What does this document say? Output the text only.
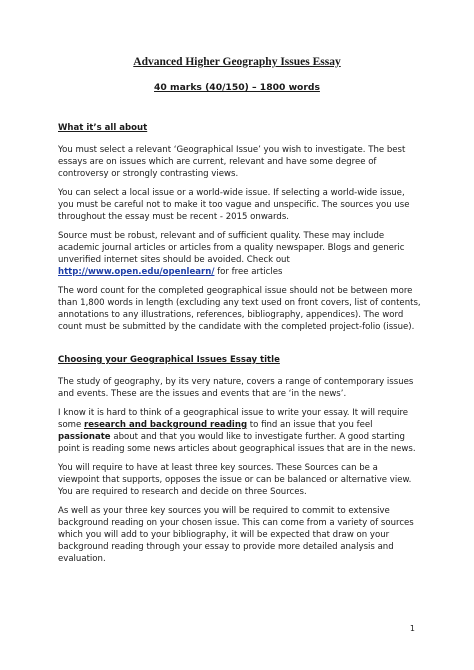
Advanced Higher Geography Issues Essay
40 marks (40/150) – 1800 words

What it’s all about

You must select a relevant ‘Geographical Issue’ you wish to investigate. The best essays are on issues which are current, relevant and have some degree of controversy or strongly contrasting views.

You can select a local issue or a world-wide issue. If selecting a world-wide issue, you must be careful not to make it too vague and unspecific. The sources you use throughout the essay must be recent - 2015 onwards.

Source must be robust, relevant and of sufficient quality. These may include academic journal articles or articles from a quality newspaper. Blogs and generic unverified internet sites should be avoided. Check out
http://www.open.edu/openlearn/ for free articles

The word count for the completed geographical issue should not be between more than 1,800 words in length (excluding any text used on front covers, list of contents, annotations to any illustrations, references, bibliography, appendices). The word count must be submitted by the candidate with the completed project-folio (issue).

Choosing your Geographical Issues Essay title

The study of geography, by its very nature, covers a range of contemporary issues and events. These are the issues and events that are ‘in the news’.

I know it is hard to think of a geographical issue to write your essay. It will require some research and background reading to find an issue that you feel passionate about and that you would like to investigate further. A good starting point is reading some news articles about geographical issues that are in the news.

You will require to have at least three key sources. These Sources can be a viewpoint that supports, opposes the issue or can be balanced or alternative view. You are required to research and decide on three Sources.

As well as your three key sources you will be required to commit to extensive background reading on your chosen issue. This can come from a variety of sources which you will add to your bibliography, it will be expected that draw on your background reading through your essay to provide more detailed analysis and evaluation.

1
